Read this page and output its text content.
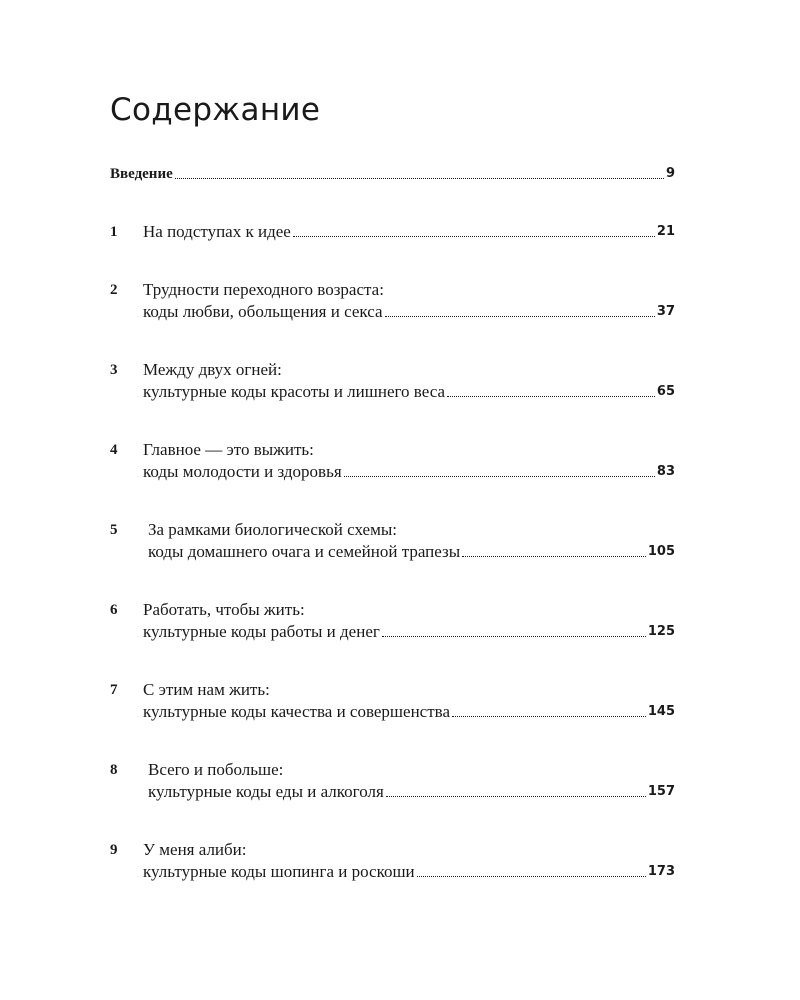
Содержание
Введение	9
1 На подступах к идее	21
2 Трудности переходного возраста:
коды любви, обольщения и секса	37
3 Между двух огней:
культурные коды красоты и лишнего веса	65
4 Главное — это выжить:
коды молодости и здоровья	83
5 За рамками биологической схемы:
коды домашнего очага и семейной трапезы	105
6 Работать, чтобы жить:
культурные коды работы и денег	125
7 С этим нам жить:
культурные коды качества и совершенства	145
8 Всего и побольше:
культурные коды еды и алкоголя	157
9 У меня алиби:
культурные коды шопинга и роскоши	173
